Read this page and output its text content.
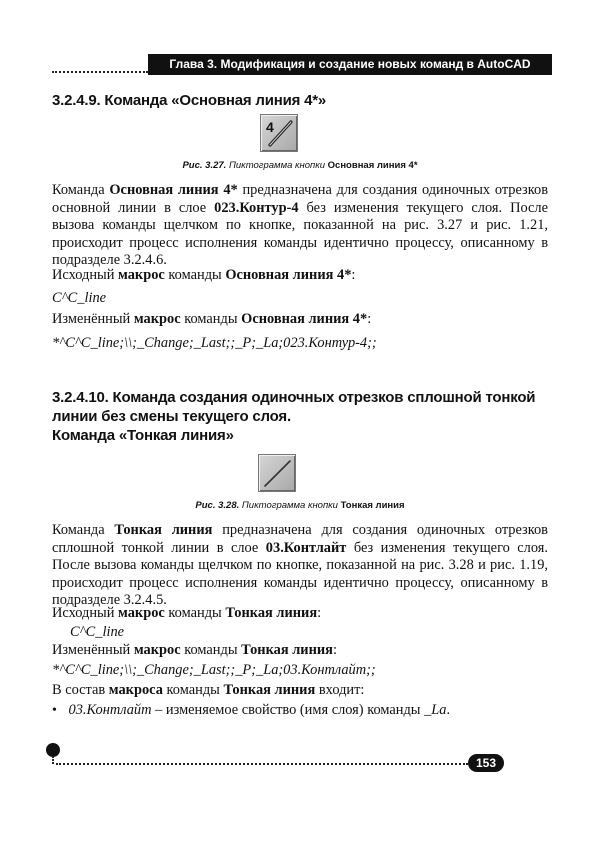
Глава 3. Модификация и создание новых команд в AutoCAD
3.2.4.9. Команда «Основная линия 4*»
4
Рис. 3.27. Пиктограмма кнопки Основная линия 4*
Команда Основная линия 4* предназначена для создания одиночных отрезков основной линии в слое 023.Контур-4 без изменения текущего слоя. После вызова команды щелчком по кнопке, показанной на рис. 3.27 и рис. 1.21, происходит процесс исполнения команды идентично процессу, описанному в подразделе 3.2.4.6.
Исходный макрос команды Основная линия 4*:
C^C_line
Изменённый макрос команды Основная линия 4*:
*^C^C_line;\\;_Change;_Last;;_P;_La;023.Контур-4;;
3.2.4.10. Команда создания одиночных отрезков сплошной тонкой
линии без смены текущего слоя.
Команда «Тонкая линия»
Рис. 3.28. Пиктограмма кнопки Тонкая линия
Команда Тонкая линия предназначена для создания одиночных отрезков сплошной тонкой линии в слое 03.Контлайт без изменения текущего слоя. После вызова команды щелчком по кнопке, показанной на рис. 3.28 и рис. 1.19, происходит процесс исполнения команды идентично процессу, описанному в подразделе 3.2.4.5.
Исходный макрос команды Тонкая линия:
C^C_line
Изменённый макрос команды Тонкая линия:
*^C^C_line;\\;_Change;_Last;;_P;_La;03.Контлайт;;
В состав макроса команды Тонкая линия входит:
• 03.Контлайт – изменяемое свойство (имя слоя) команды _La.
153
